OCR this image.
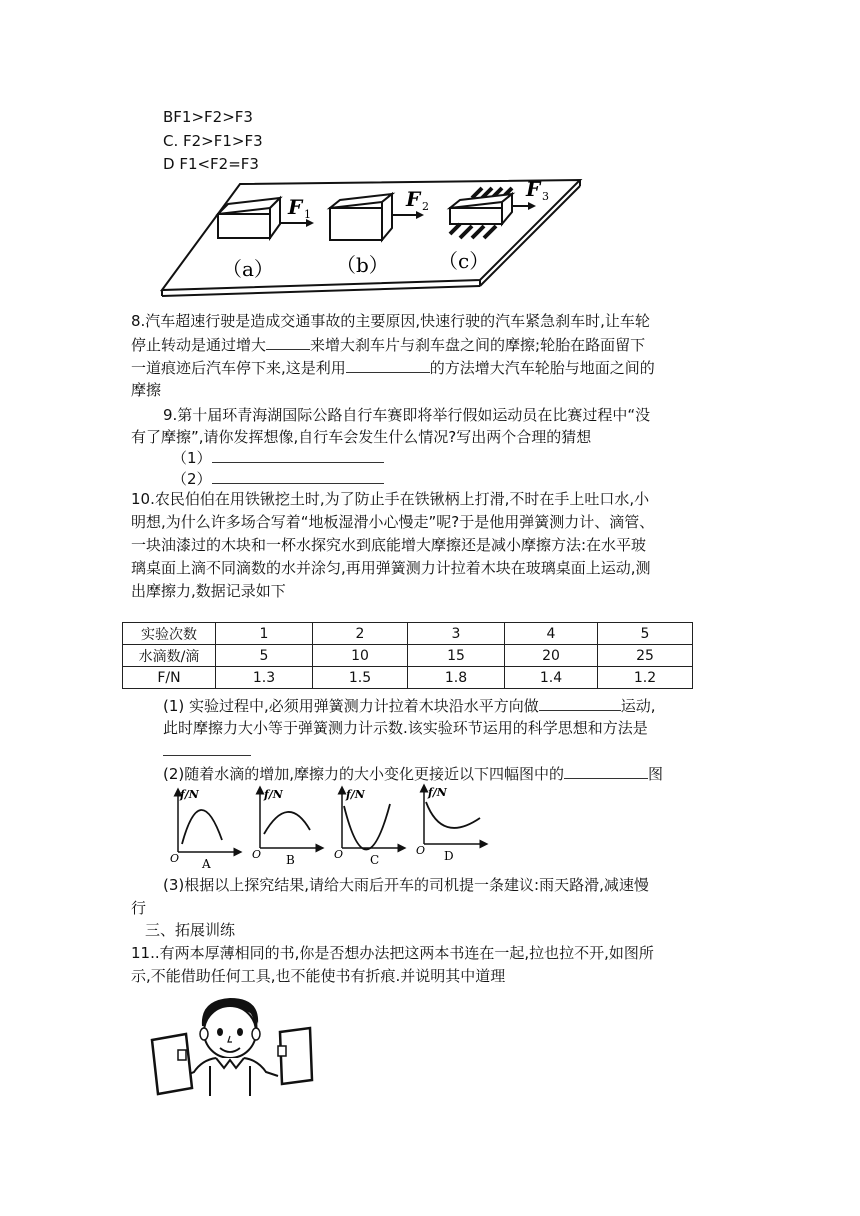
BF1>F2>F3
C. F2>F1>F3
D F1<F2=F3
F 1
F 2
F 3
（a）	（b） （c）
8.汽车超速行驶是造成交通事故的主要原因,快速行驶的汽车紧急刹车时,让车轮
停止转动是通过增大	来增大刹车片与刹车盘之间的摩擦;轮胎在路面留下
一道痕迹后汽车停下来,这是利用	的方法增大汽车轮胎与地面之间的
摩擦
9.第十届环青海湖国际公路自行车赛即将举行假如运动员在比赛过程中“没
有了摩擦”,请你发挥想像,自行车会发生什么情况?写出两个合理的猜想
（1）
（2）
10.农民伯伯在用铁锹挖土时,为了防止手在铁锹柄上打滑,不时在手上吐口水,小
明想,为什么许多场合写着“地板湿滑小心慢走”呢?于是他用弹簧测力计、滴管、
一块油漆过的木块和一杯水探究水到底能增大摩擦还是减小摩擦方法:在水平玻
璃桌面上滴不同滴数的水并涂匀,再用弹簧测力计拉着木块在玻璃桌面上运动,测
出摩擦力,数据记录如下
实验次数	1	2	3	4	5
水滴数/滴	5	10	15	20	25
F/N	1.3	1.5	1.8	1.4	1.2
(1) 实验过程中,必须用弹簧测力计拉着木块沿水平方向做	运动,
此时摩擦力大小等于弹簧测力计示数.该实验环节运用的科学思想和方法是
(2)随着水滴的增加,摩擦力的大小变化更接近以下四幅图中的	图
f/N
O A
f/N
O B
f/N
O C
f/N
O D
(3)根据以上探究结果,请给大雨后开车的司机提一条建议:雨天路滑,减速慢
行
三、拓展训练
11..有两本厚薄相同的书,你是否想办法把这两本书连在一起,拉也拉不开,如图所
示,不能借助任何工具,也不能使书有折痕.并说明其中道理
